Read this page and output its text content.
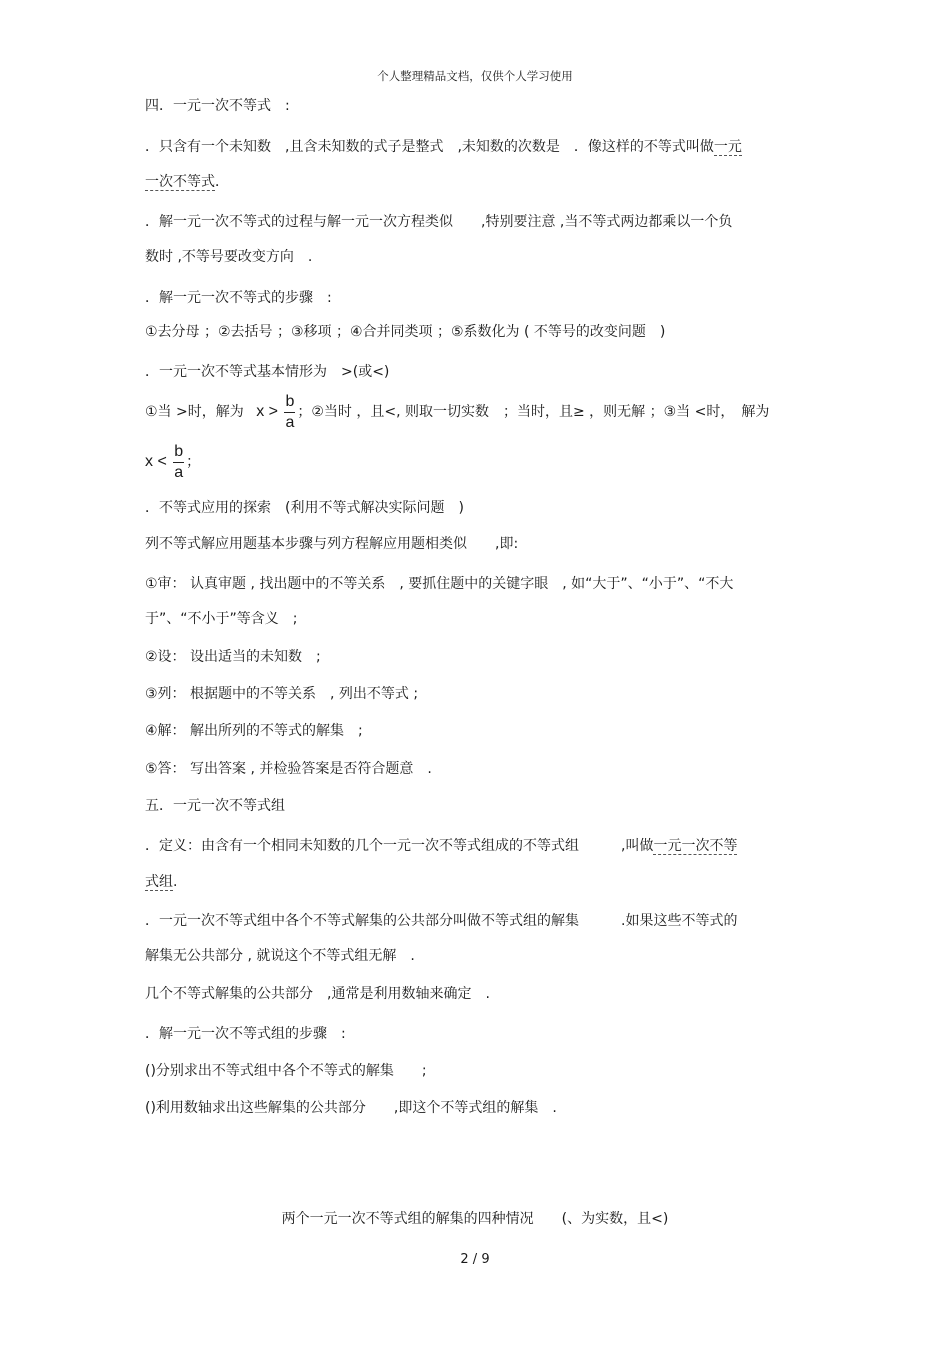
个人整理精品文档，仅供个人学习使用
四．一元一次不等式　:
．只含有一个未知数　,且含未知数的式子是整式　,未知数的次数是　．像这样的不等式叫做一元
一次不等式．
．解一元一次不等式的过程与解一元一次方程类似　　,特别要注意 ,当不等式两边都乘以一个负
数时 ,不等号要改变方向　.
．解一元一次不等式的步骤　:
①去分母 ；②去括号 ；③移项 ；④合并同类项 ；⑤系数化为 ( 不等号的改变问题　)
．一元一次不等式基本情形为　>(或<)
①当 >时，解为 $x > \frac{b}{a}$ ；②当时 ，且<, 则取一切实数　；当时，且≥ ，则无解 ；③当 <时，　解为
$x < \frac{b}{a}$ ；
．不等式应用的探索　(利用不等式解决实际问题　)
列不等式解应用题基本步骤与列方程解应用题相类似　　,即:
①审： 认真审题 , 找出题中的不等关系　, 要抓住题中的关键字眼　, 如“大于”、“小于”、“不大
于”、“不小于”等含义　;
②设： 设出适当的未知数　;
③列： 根据题中的不等关系　, 列出不等式 ;
④解： 解出所列的不等式的解集　;
⑤答： 写出答案 , 并检验答案是否符合题意　.
五．一元一次不等式组
．定义：由含有一个相同未知数的几个一元一次不等式组成的不等式组　　　,叫做一元一次不等
式组.
．一元一次不等式组中各个不等式解集的公共部分叫做不等式组的解集　　　.如果这些不等式的
解集无公共部分 , 就说这个不等式组无解　.
几个不等式解集的公共部分　,通常是利用数轴来确定　.
．解一元一次不等式组的步骤　:
()分别求出不等式组中各个不等式的解集　　;
()利用数轴求出这些解集的公共部分　　,即这个不等式组的解集　.
两个一元一次不等式组的解集的四种情况　　(、为实数，且<)
2 / 9
